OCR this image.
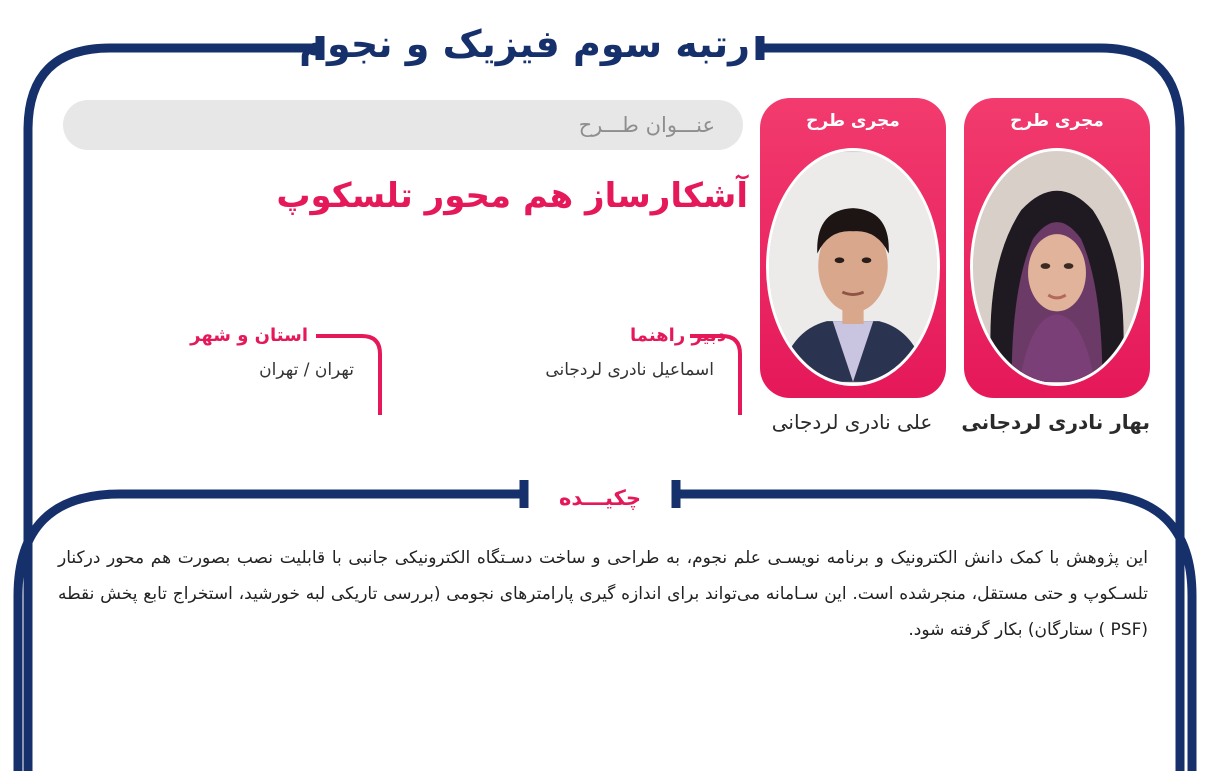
رتبه سوم فیزیک و نجوم
مجری طرح
بهار نادری لردجانی
مجری طرح
علی نادری لردجانی
عنـــوان طـــرح
آشکارساز هم محور تلسکوپ
دبیر راهنما
اسماعیل نادری لردجانی
استان و شهر
تهران / تهران
چکیـــده
این پژوهش با کمک دانش الکترونیک و برنامه نویسـی علم نجوم، به طراحی و ساخت دسـتگاه الکترونیکی جانبی با قابلیت نصب بصورت هم محور درکنار تلسـکوپ و حتی مستقل، منجرشده است. این سـامانه می‌تواند برای اندازه گیری پارامترهای نجومی (بررسی تاریکی لبه خورشید، استخراج تابع پخش نقطه (PSF ) ستارگان) بکار گرفته شود.
